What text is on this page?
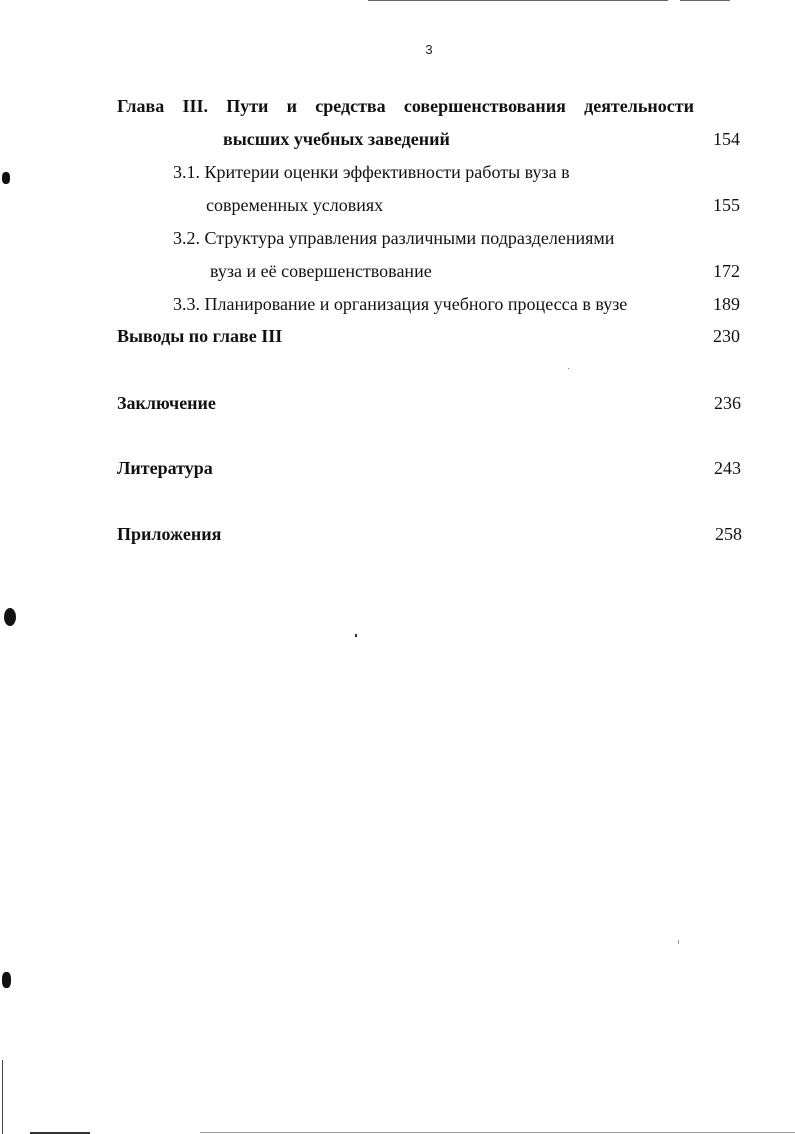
3
Глава III. Пути и средства совершенствования деятельности
высших учебных заведений	154
3.1. Критерии оценки эффективности работы вуза в
современных условиях	155
3.2. Структура управления различными подразделениями
вуза и её совершенствование	172
3.3. Планирование и организация учебного процесса в вузе	189
Выводы по главе III	230
Заключение	236
Литература	243
Приложения	258
